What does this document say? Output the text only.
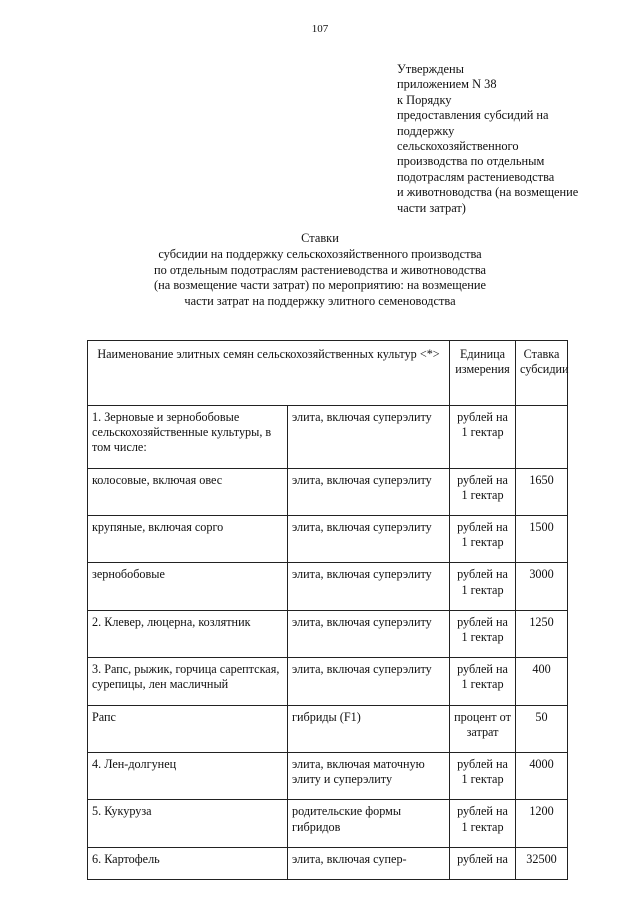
107
Утверждены
приложением N 38
к Порядку
предоставления субсидий на
поддержку
сельскохозяйственного
производства по отдельным
подотраслям растениеводства
и животноводства (на возмещение
части затрат)
Ставки
субсидии на поддержку сельскохозяйственного производства
по отдельным подотраслям растениеводства и животноводства
(на возмещение части затрат) по мероприятию: на возмещение
части затрат на поддержку элитного семеноводства
Наименование элитных семян сельскохозяйственных культур <*>		Единица измерения	Ставка субсидии
1. Зерновые и зернобобовые сельскохозяйственные культуры, в том числе:	элита, включая суперэлиту	рублей на 1 гектар	
колосовые, включая овес	элита, включая суперэлиту	рублей на 1 гектар	1650
крупяные, включая сорго	элита, включая суперэлиту	рублей на 1 гектар	1500
зернобобовые	элита, включая суперэлиту	рублей на 1 гектар	3000
2. Клевер, люцерна, козлятник	элита, включая суперэлиту	рублей на 1 гектар	1250
3. Рапс, рыжик, горчица сарептская, сурепицы, лен масличный	элита, включая суперэлиту	рублей на 1 гектар	400
Рапс	гибриды (F1)	процент от затрат	50
4. Лен-долгунец	элита, включая маточную элиту и суперэлиту	рублей на 1 гектар	4000
5. Кукуруза	родительские формы гибридов	рублей на 1 гектар	1200
6. Картофель	элита, включая супер-	рублей на	32500
